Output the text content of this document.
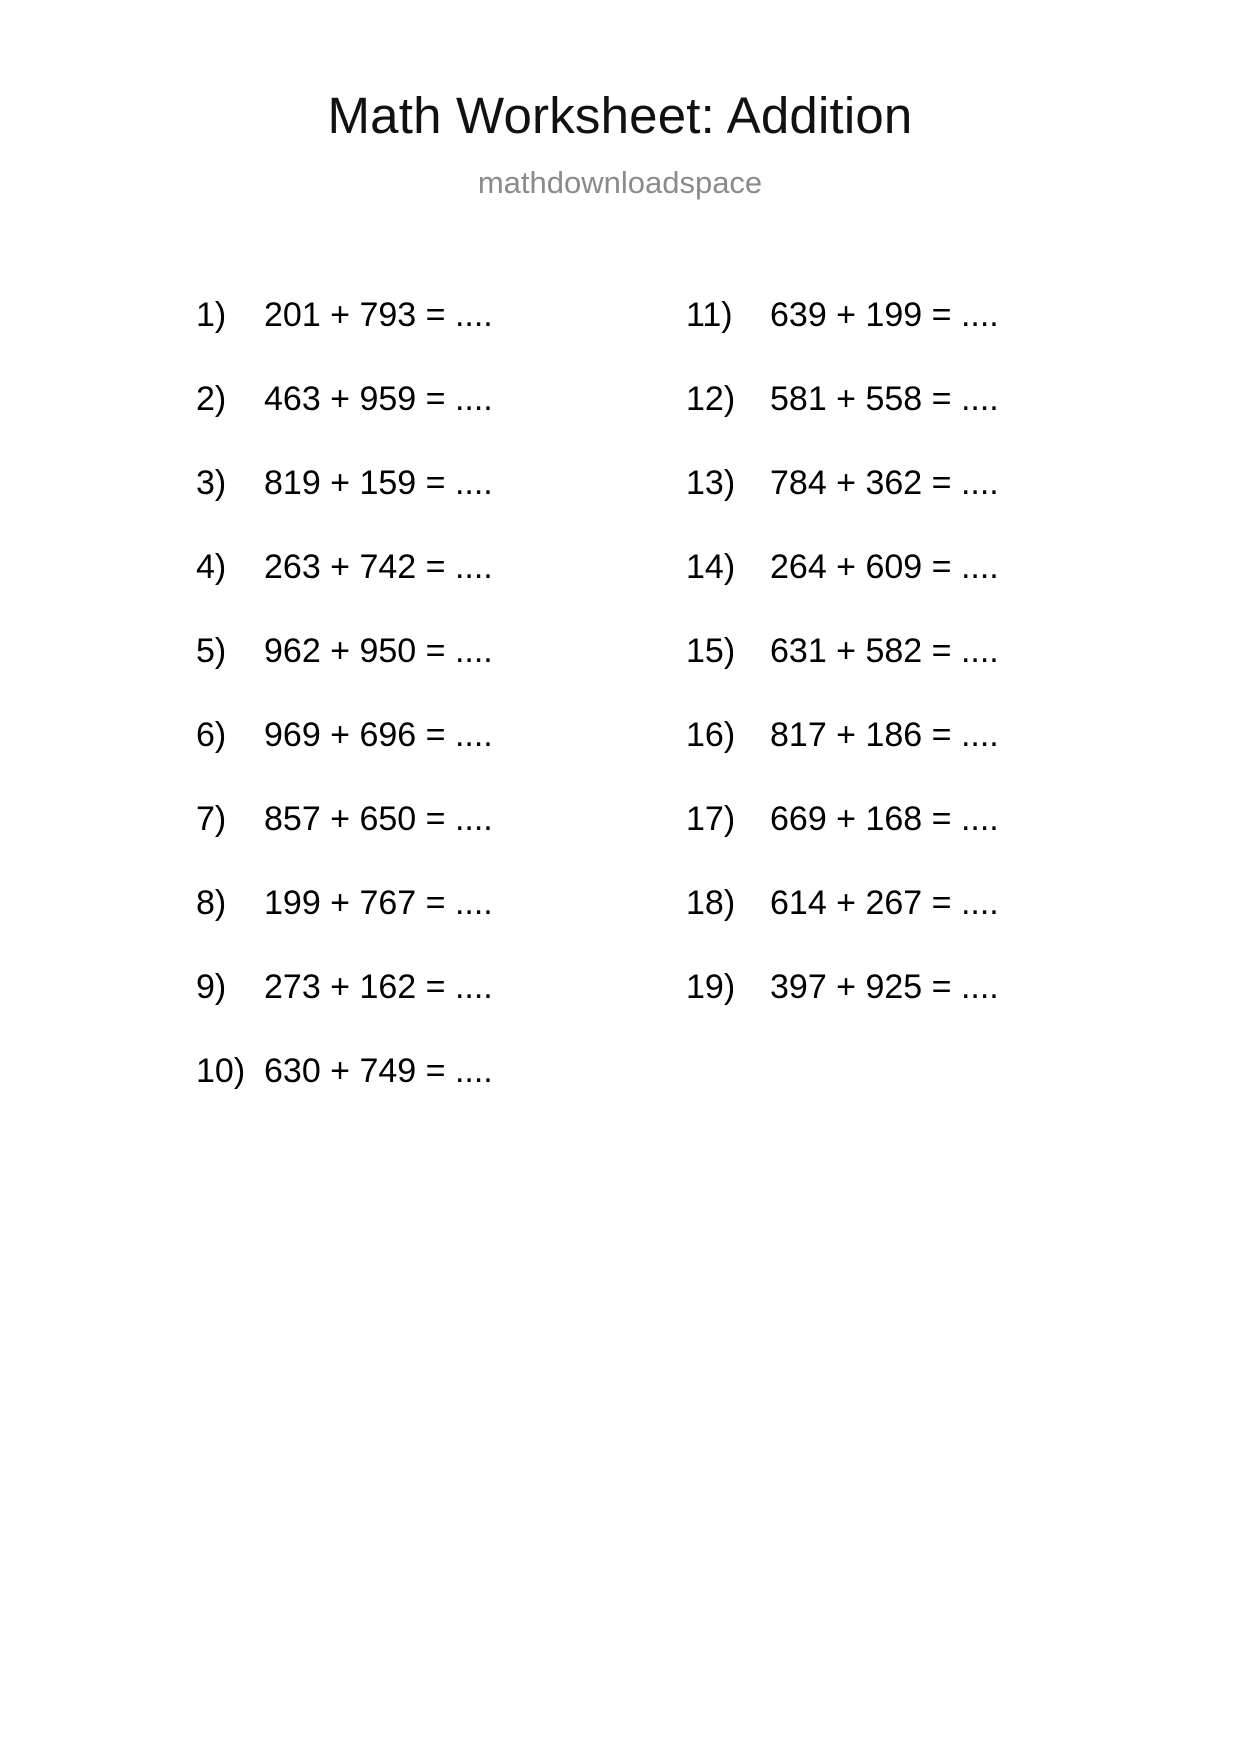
Math Worksheet: Addition
mathdownloadspace
1)	201 + 793 = ....
2)	463 + 959 = ....
3)	819 + 159 = ....
4)	263 + 742 = ....
5)	962 + 950 = ....
6)	969 + 696 = ....
7)	857 + 650 = ....
8)	199 + 767 = ....
9)	273 + 162 = ....
10) 630 + 749 = ....
11)	639 + 199 = ....
12)	581 + 558 = ....
13)	784 + 362 = ....
14)	264 + 609 = ....
15)	631 + 582 = ....
16)	817 + 186 = ....
17)	669 + 168 = ....
18)	614 + 267 = ....
19)	397 + 925 = ....
